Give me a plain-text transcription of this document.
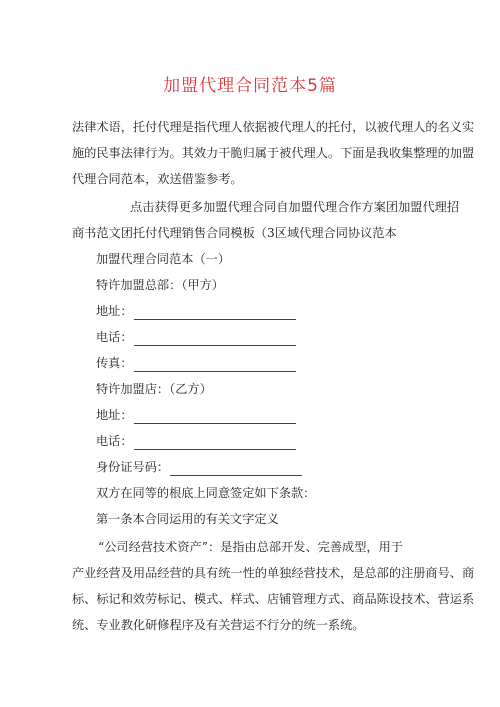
加盟代理合同范本5篇
法律术语，托付代理是指代理人依据被代理人的托付，以被代理人的名义实
施的民事法律行为。其效力干脆归属于被代理人。下面是我收集整理的加盟
代理合同范本，欢送借鉴参考。
点击获得更多加盟代理合同自加盟代理合作方案团加盟代理招
商书范文团托付代理销售合同模板（3区域代理合同协议范本
加盟代理合同范本（一）
特许加盟总部：（甲方）
地址：
电话：
传真：
特许加盟店：（乙方）
地址：
电话：
身份证号码：
双方在同等的根底上同意签定如下条款：
第一条本合同运用的有关文字定义
“公司经营技术资产”：是指由总部开发、完善成型，用于
产业经营及用品经营的具有统一性的单独经营技术，是总部的注册商号、商
标、标记和效劳标记、模式、样式、店铺管理方式、商品陈设技术、营运系
统、专业教化研修程序及有关营运不行分的统一系统。
